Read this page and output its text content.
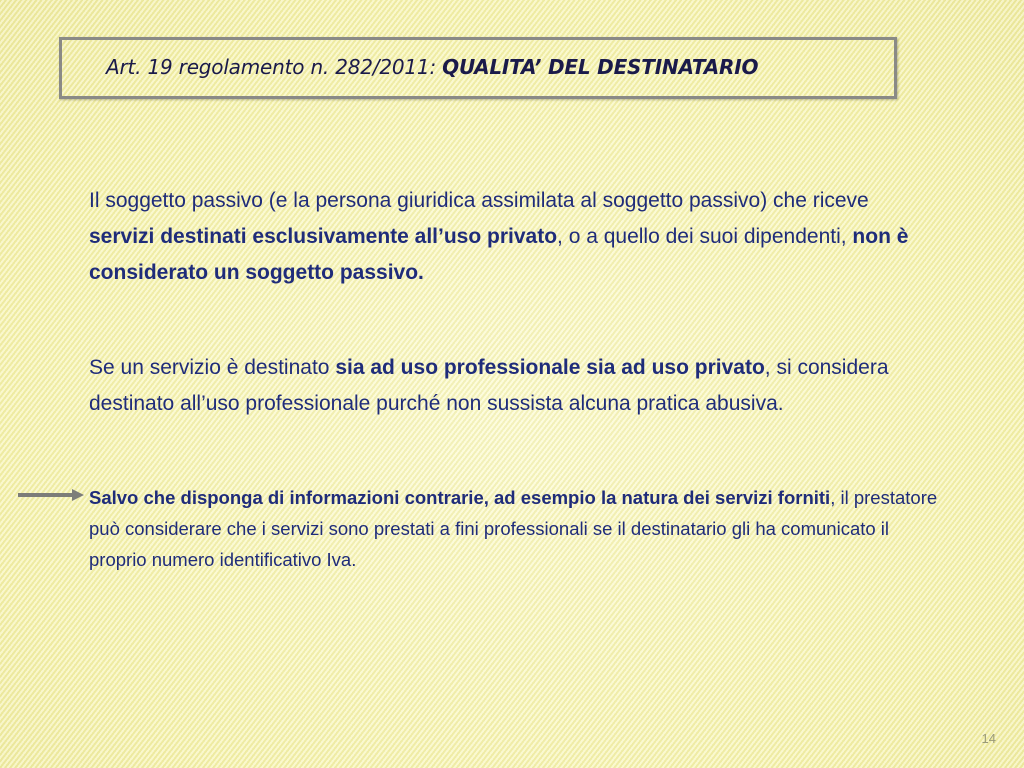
Art. 19 regolamento n. 282/2011: QUALITA’ DEL DESTINATARIO
Il soggetto passivo (e la persona giuridica assimilata al soggetto passivo) che riceve servizi destinati esclusivamente all’uso privato, o a quello dei suoi dipendenti, non è considerato un soggetto passivo.
Se un servizio è destinato sia ad uso professionale sia ad uso privato, si considera destinato all’uso professionale purché non sussista alcuna pratica abusiva.
Salvo che disponga di informazioni contrarie, ad esempio la natura dei servizi forniti, il prestatore può considerare che i servizi sono prestati a fini professionali se il destinatario gli ha comunicato il proprio numero identificativo Iva.
14
